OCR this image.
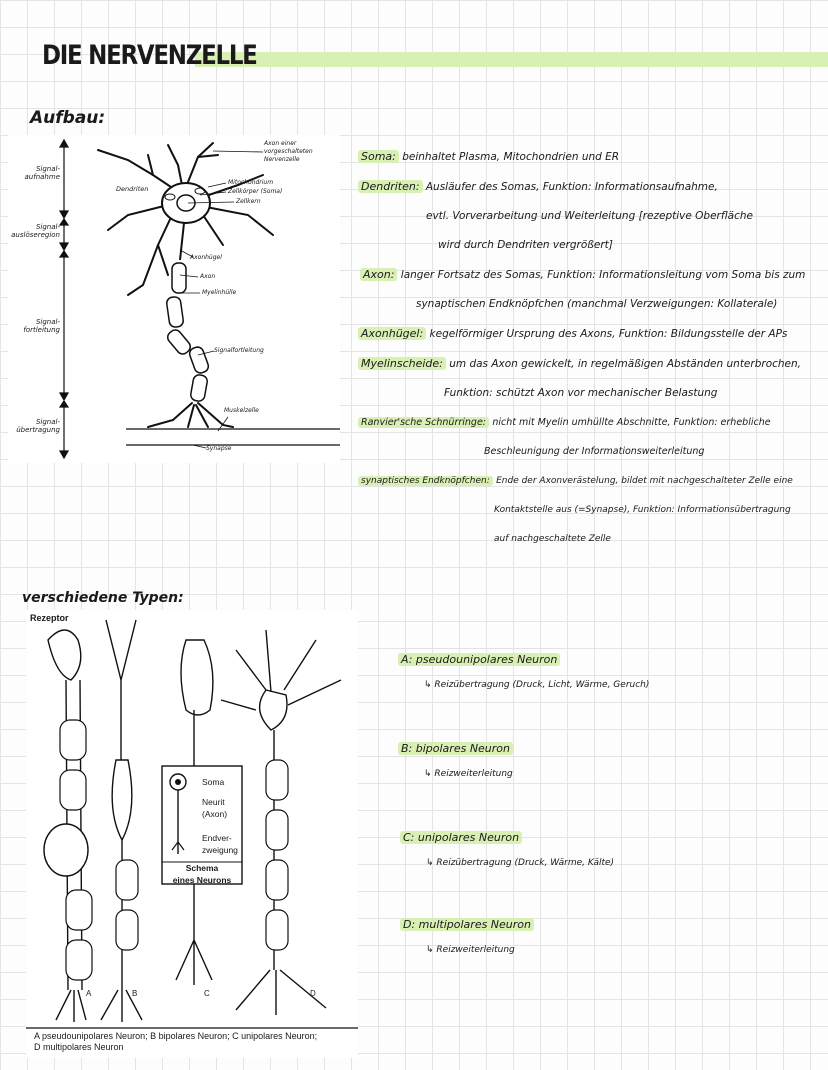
DIE NERVENZELLE
Aufbau:
Signal-
aufnahme
Signal-
auslöseregion
Signal-
fortleitung
Signal-
übertragung
Axon einer vorgeschalteten Nervenzelle
Dendriten
Mitochondrium
Zellkörper (Soma)
Zellkern
Axonhügel
Axon
Myelinhülle
Signalfortleitung
Muskelzelle
Synapse
Soma: beinhaltet Plasma, Mitochondrien und ER
Dendriten: Ausläufer des Somas, Funktion: Informationsaufnahme,
evtl. Vorverarbeitung und Weiterleitung [rezeptive Oberfläche
wird durch Dendriten vergrößert]
Axon: langer Fortsatz des Somas, Funktion: Informationsleitung vom Soma bis zum
synaptischen Endknöpfchen (manchmal Verzweigungen: Kollaterale)
Axonhügel: kegelförmiger Ursprung des Axons, Funktion: Bildungsstelle der APs
Myelinscheide: um das Axon gewickelt, in regelmäßigen Abständen unterbrochen,
Funktion: schützt Axon vor mechanischer Belastung
Ranvier'sche Schnürringe: nicht mit Myelin umhüllte Abschnitte, Funktion: erhebliche
Beschleunigung der Informationsweiterleitung
synaptisches Endknöpfchen: Ende der Axonverästelung, bildet mit nachgeschalteter Zelle eine
Kontaktstelle aus (=Synapse), Funktion: Informationsübertragung
auf nachgeschaltete Zelle
verschiedene Typen:
Rezeptor
Soma
Neurit
(Axon)
Endver-
zweigung
Schema
eines Neurons
A	B	C	D
A pseudounipolares Neuron; B bipolares Neuron; C unipolares Neuron;
D multipolares Neuron
A: pseudounipolares Neuron
↳ Reizübertragung (Druck, Licht, Wärme, Geruch)
B: bipolares Neuron
↳ Reizweiterleitung
C: unipolares Neuron
↳ Reizübertragung (Druck, Wärme, Kälte)
D: multipolares Neuron
↳ Reizweiterleitung
